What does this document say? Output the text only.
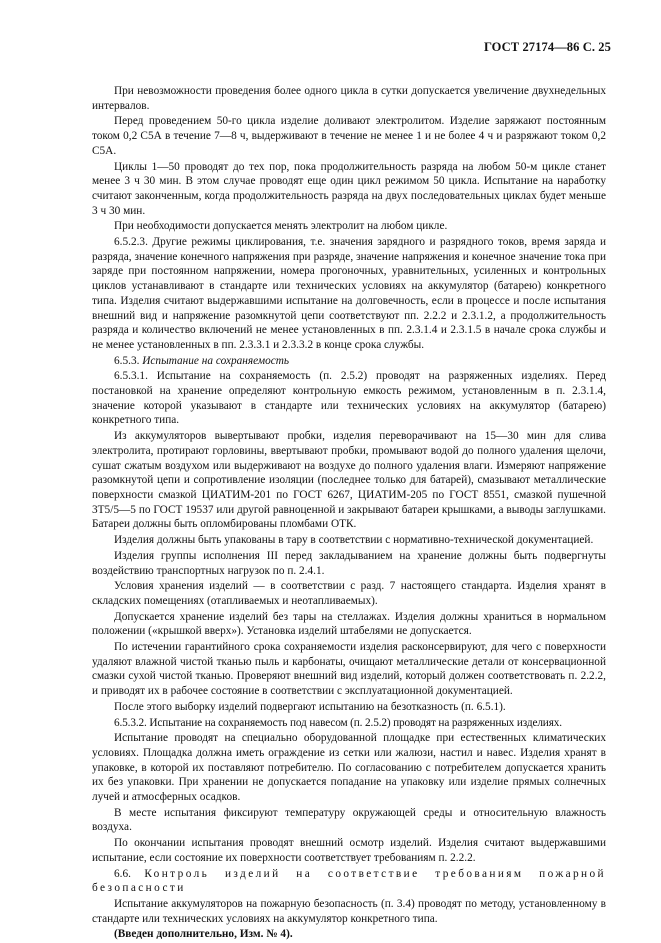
ГОСТ 27174—86 С. 25

При невозможности проведения более одного цикла в сутки допускается увеличение двухнедельных интервалов.

Перед проведением 50-го цикла изделие доливают электролитом. Изделие заряжают постоянным током 0,2 С5А в течение 7—8 ч, выдерживают в течение не менее 1 и не более 4 ч и разряжают током 0,2 С5А.

Циклы 1—50 проводят до тех пор, пока продолжительность разряда на любом 50-м цикле станет менее 3 ч 30 мин. В этом случае проводят еще один цикл режимом 50 цикла. Испытание на наработку считают законченным, когда продолжительность разряда на двух последовательных циклах будет меньше 3 ч 30 мин.

При необходимости допускается менять электролит на любом цикле.

6.5.2.3. Другие режимы циклирования, т.е. значения зарядного и разрядного токов, время заряда и разряда, значение конечного напряжения при разряде, значение напряжения и конечное значение тока при заряде при постоянном напряжении, номера прогоночных, уравнительных, усиленных и контрольных циклов устанавливают в стандарте или технических условиях на аккумулятор (батарею) конкретного типа. Изделия считают выдержавшими испытание на долговечность, если в процессе и после испытания внешний вид и напряжение разомкнутой цепи соответствуют пп. 2.2.2 и 2.3.1.2, а продолжительность разряда и количество включений не менее установленных в пп. 2.3.1.4 и 2.3.1.5 в начале срока службы и не менее установленных в пп. 2.3.3.1 и 2.3.3.2 в конце срока службы.

6.5.3. Испытание на сохраняемость

6.5.3.1. Испытание на сохраняемость (п. 2.5.2) проводят на разряженных изделиях. Перед постановкой на хранение определяют контрольную емкость режимом, установленным в п. 2.3.1.4, значение которой указывают в стандарте или технических условиях на аккумулятор (батарею) конкретного типа.

Из аккумуляторов вывертывают пробки, изделия переворачивают на 15—30 мин для слива электролита, протирают горловины, ввертывают пробки, промывают водой до полного удаления щелочи, сушат сжатым воздухом или выдерживают на воздухе до полного удаления влаги. Измеряют напряжение разомкнутой цепи и сопротивление изоляции (последнее только для батарей), смазывают металлические поверхности смазкой ЦИАТИМ-201 по ГОСТ 6267, ЦИАТИМ-205 по ГОСТ 8551, смазкой пушечной 3Т5/5—5 по ГОСТ 19537 или другой равноценной и закрывают батареи крышками, а выводы заглушками. Батареи должны быть опломбированы пломбами ОТК.

Изделия должны быть упакованы в тару в соответствии с нормативно-технической документацией.

Изделия группы исполнения III перед закладыванием на хранение должны быть подвергнуты воздействию транспортных нагрузок по п. 2.4.1.

Условия хранения изделий — в соответствии с разд. 7 настоящего стандарта. Изделия хранят в складских помещениях (отапливаемых и неотапливаемых).

Допускается хранение изделий без тары на стеллажах. Изделия должны храниться в нормальном положении («крышкой вверх»). Установка изделий штабелями не допускается.

По истечении гарантийного срока сохраняемости изделия расконсервируют, для чего с поверхности удаляют влажной чистой тканью пыль и карбонаты, очищают металлические детали от консервационной смазки сухой чистой тканью. Проверяют внешний вид изделий, который должен соответствовать п. 2.2.2, и приводят их в рабочее состояние в соответствии с эксплуатационной документацией.

После этого выборку изделий подвергают испытанию на безотказность (п. 6.5.1).

6.5.3.2. Испытание на сохраняемость под навесом (п. 2.5.2) проводят на разряженных изделиях.

Испытание проводят на специально оборудованной площадке при естественных климатических условиях. Площадка должна иметь ограждение из сетки или жалюзи, настил и навес. Изделия хранят в упаковке, в которой их поставляют потребителю. По согласованию с потребителем допускается хранить их без упаковки. При хранении не допускается попадание на упаковку или изделие прямых солнечных лучей и атмосферных осадков.

В месте испытания фиксируют температуру окружающей среды и относительную влажность воздуха.

По окончании испытания проводят внешний осмотр изделий. Изделия считают выдержавшими испытание, если состояние их поверхности соответствует требованиям п. 2.2.2.

6.6. Контроль изделий на соответствие требованиям пожарной безопасности

Испытание аккумуляторов на пожарную безопасность (п. 3.4) проводят по методу, установленному в стандарте или технических условиях на аккумулятор конкретного типа.

(Введен дополнительно, Изм. № 4).
